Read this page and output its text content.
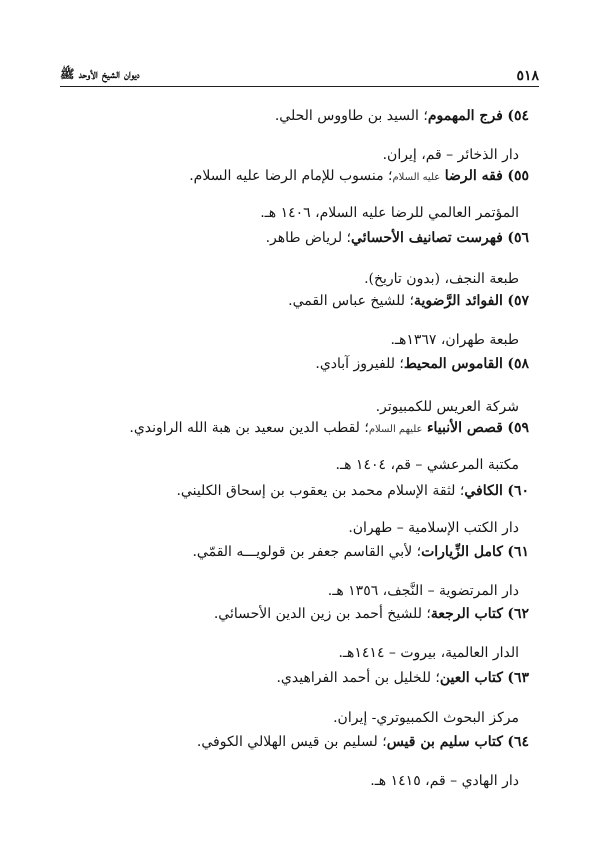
٥١٨
ديوان الشيخ الأوحد ﷺ
٥٤) فرج المهموم؛ السيد بن طاووس الحلي.
دار الذخائر – قم، إيران.
٥٥) فقه الرضا عليه السلام؛ منسوب للإمام الرضا عليه السلام.
المؤتمر العالمي للرضا عليه السلام، ١٤٠٦ هـ.
٥٦) فهرست تصانيف الأحسائي؛ لرياض طاهر.
طبعة النجف، (بدون تاريخ).
٥٧) الفوائد الرَّضوية؛ للشيخ عباس القمي.
طبعة طهران، ١٣٦٧هـ.
٥٨) القاموس المحيط؛ للفيروز آبادي.
شركة العريس للكمبيوتر.
٥٩) قصص الأنبياء عليهم السلام؛ لقطب الدين سعيد بن هبة الله الراوندي.
مكتبة المرعشي – قم، ١٤٠٤ هـ.
٦٠) الكافي؛ لثقة الإسلام محمد بن يعقوب بن إسحاق الكليني.
دار الكتب الإسلامية – طهران.
٦١) كامل الزِّيارات؛ لأبي القاسم جعفر بن قولويـــه القمّي.
دار المرتضوية – النَّجف، ١٣٥٦ هـ.
٦٢) كتاب الرجعة؛ للشيخ أحمد بن زين الدين الأحسائي.
الدار العالمية، بيروت – ١٤١٤هـ.
٦٣) كتاب العين؛ للخليل بن أحمد الفراهيدي.
مركز البحوث الكمبيوتري- إيران.
٦٤) كتاب سليم بن قيس؛ لسليم بن قيس الهلالي الكوفي.
دار الهادي – قم، ١٤١٥ هـ.
